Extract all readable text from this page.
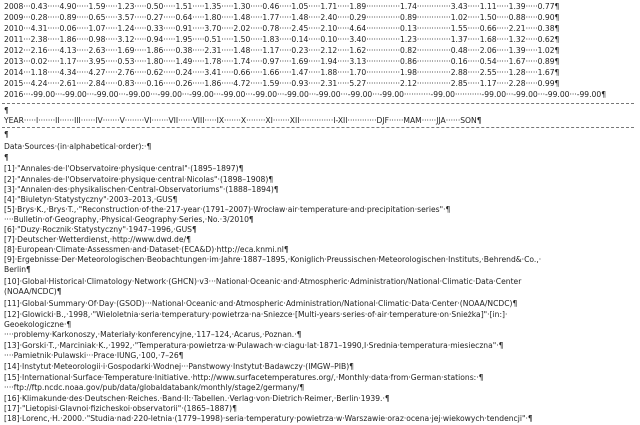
2008···0.43·····4.90·····1.59·····1.23·····0.50·····1.51·····1.35·····1.30·····0.46·····1.05·····1.71·····1.89··············1.74··············3.43·····1.11·····1.39·····0.77¶
2009···0.28·····0.89·····0.65·····3.57·····0.27·····0.64·····1.80·····1.48·····1.77·····1.48·····2.40·····0.29··············0.89··············1.02·····1.50·····0.88·····0.90¶
2010···4.31·····0.06·····1.07·····1.24·····0.33·····0.91·····3.70·····2.02·····0.78·····2.45·····2.10·····4.64··············0.13··············1.55·····0.66·····2.21·····0.38¶
2011···2.38·····1.86·····0.98·····3.12·····0.94·····1.95·····0.51·····1.50·····1.83·····0.14·····0.10·····3.40··············1.23··············1.37·····1.68·····1.32·····0.62¶
2012···2.16·····4.13·····2.63·····1.69·····1.86·····0.38·····2.31·····1.48·····1.17·····0.23·····2.12·····1.62··············0.82··············0.48·····2.06·····1.39·····1.02¶
2013···0.02·····1.17·····3.95·····0.53·····1.80·····1.49·····1.78·····1.74·····0.97·····1.69·····1.94·····3.13··············0.86··············0.16·····0.54·····1.67·····0.89¶
2014···1.18·····4.34·····4.27·····2.76·····0.62·····0.24·····3.41·····0.66·····1.66·····1.47·····1.88·····1.70··············1.98··············2.88·····2.55·····1.28·····1.67¶
2015···4.24·····2.61·····2.84·····0.83·····0.16·····0.26·····1.86·····4.72·····1.59·····0.93·····2.31·····5.27··············2.12··············2.85·····1.17·····2.28·····0.99¶
2016···-99.00···-99.00···-99.00···-99.00···-99.00···-99.00···-99.00···-99.00···-99.00···-99.00···-99.00···-99.00···········-99.00···········-99.00···-99.00···-99.00···-99.00¶
¶
YEAR·····I·······II······III······IV·······V········VI·······VII······VIII·····IX·······X········XI·······XII··············I-XII············DJF······MAM······JJA······SON¶
¶
Data·Sources·(in·alphabetical·order):·¶
¶
[1]·"Annales·de·l'Observatoire·physique·central"·(1895–1897)¶
[2]·"Annales·de·l'Observatoire·physique·central·Nicolas"·(1898–1908)¶
[3]·"Annalen·des·physikalischen·Central-Observatoriums"·(1888–1894)¶
[4]·"Biuletyn·Statystyczny"·2003–2013,·GUS¶
[5]·Brys·K.,·Brys·T.,·"Reconstruction·of·the·217-year·(1791–2007)·Wrocław·air·temperature·and·precipitation·series"·¶
····Bulletin·of·Geography,·Physical·Geography·Series,·No.·3/2010¶
[6]·"Duzy·Rocznik·Statystyczny"·1947–1996,·GUS¶
[7]·Deutscher·Wetterdienst,·http://www.dwd.de/¶
[8]·European·Climate·Assessmen·and·Dataset·(ECA&D)·http://eca.knmi.nl¶
[9]·Ergebnisse·Der·Meteorologischen·Beobachtungen·im·Jahre·1887–1895,·Koniglich·Preussischen·Meteorologischen·Instituts,·Behrend&·Co.,·
Berlin¶
[10]·Global·Historical·Climatology·Network·(GHCN)·v3···National·Oceanic·and·Atmospheric·Administration/National·Climatic·Data·Center
(NOAA/NCDC)¶
[11]·Global·Summary·Of·Day·(GSOD)···National·Oceanic·and·Atmospheric·Administration/National·Climatic·Data·Center·(NOAA/NCDC)¶
[12]·Glowicki·B.,·1998,·"Wieloletnia·seria·temperatury·powietrza·na·Sniezce·[Multi-years·series·of·air·temperature·on·Snieżka]"·[in:]·
Geoekologiczne·¶
····problemy·Karkonoszy,·Materiały·konferencyjne,·117–124,·Acarus,·Poznan.·¶
[13]·Gorski·T.,·Marciniak·K.,·1992,·"Temperatura·powietrza·w·Pulawach·w·ciagu·lat·1871–1990,I·Srednia·temperatura·miesieczna"·¶
····Pamietnik·Pulawski···Prace·IUNG,·100,·7–26¶
[14]·Instytut·Meteorologii·i·Gospodarki·Wodnej···Panstwowy·Instytut·Badawczy·(IMGW–PIB)¶
[15]·International·Surface·Temperature·Initiative.·http://www.surfacetemperatures.org/,·Monthly·data·from·German·stations:·¶
····ftp://ftp.ncdc.noaa.gov/pub/data/globaldatabank/monthly/stage2/germany/¶
[16]·Klimakunde·des·Deutschen·Reiches.·Band·II:·Tabellen.·Verlag·von·Dietrich·Reimer,·Berlin·1939.·¶
[17]·"Lietopisi·Glavnoi·fizicheskoi·observatorii"·(1865–1887)¶
[18]·Lorenc,·H.·2000.·"Studia·nad·220-letnia·(1779–1998)·seria·temperatury·powietrza·w·Warszawie·oraz·ocena·jej·wiekowych·tendencji"·¶
